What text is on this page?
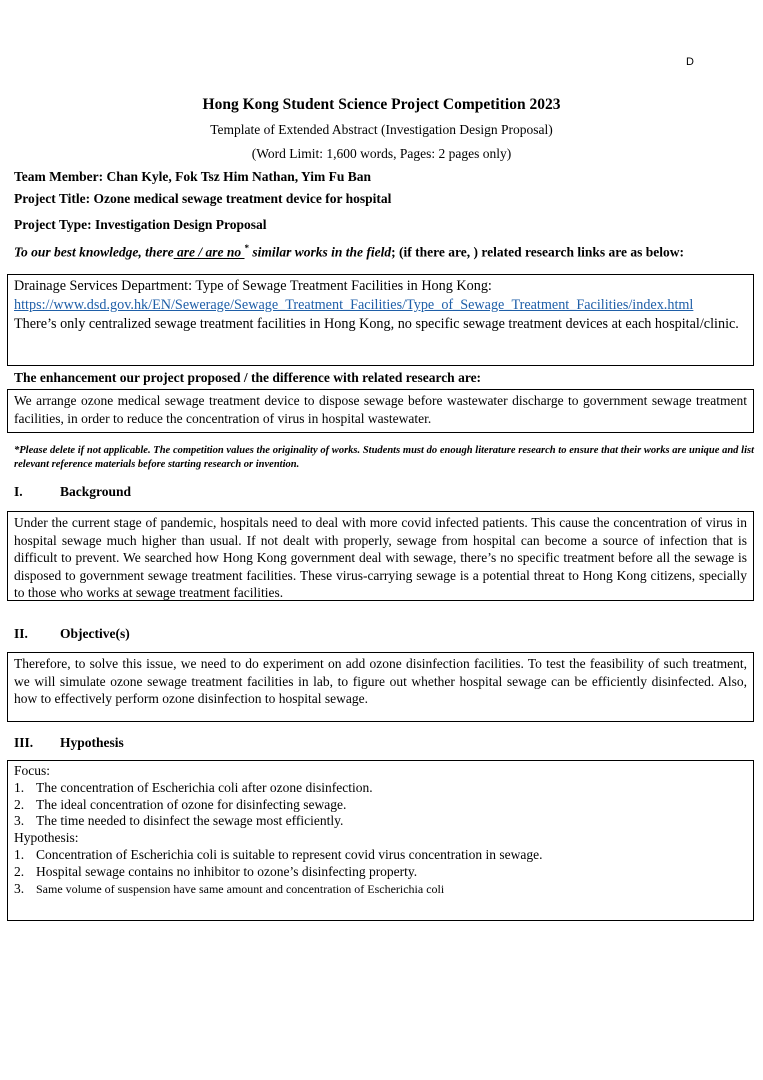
D
Hong Kong Student Science Project Competition 2023
Template of Extended Abstract (Investigation Design Proposal)
(Word Limit: 1,600 words, Pages: 2 pages only)
Team Member: Chan Kyle, Fok Tsz Him Nathan, Yim Fu Ban
Project Title: Ozone medical sewage treatment device for hospital
Project Type: Investigation Design Proposal
To our best knowledge, there are / are no * similar works in the field; (if there are, ) related research links are as below:
Drainage Services Department: Type of Sewage Treatment Facilities in Hong Kong:
https://www.dsd.gov.hk/EN/Sewerage/Sewage_Treatment_Facilities/Type_of_Sewage_Treatment_Facilities/index.html
There’s only centralized sewage treatment facilities in Hong Kong, no specific sewage treatment devices at each hospital/clinic.
The enhancement our project proposed / the difference with related research are:
We arrange ozone medical sewage treatment device to dispose sewage before wastewater discharge to government sewage treatment facilities, in order to reduce the concentration of virus in hospital wastewater.
*Please delete if not applicable. The competition values the originality of works. Students must do enough literature research to ensure that their works are unique and list relevant reference materials before starting research or invention.
I.	Background
Under the current stage of pandemic, hospitals need to deal with more covid infected patients. This cause the concentration of virus in hospital sewage much higher than usual. If not dealt with properly, sewage from hospital can become a source of infection that is difficult to prevent. We searched how Hong Kong government deal with sewage, there’s no specific treatment before all the sewage is disposed to government sewage treatment facilities. These virus-carrying sewage is a potential threat to Hong Kong citizens, specially to those who works at sewage treatment facilities.
II. Objective(s)
Therefore, to solve this issue, we need to do experiment on add ozone disinfection facilities. To test the feasibility of such treatment, we will simulate ozone sewage treatment facilities in lab, to figure out whether hospital sewage can be efficiently disinfected. Also, how to effectively perform ozone disinfection to hospital sewage.
III. Hypothesis
Focus:
1. The concentration of Escherichia coli after ozone disinfection.
2. The ideal concentration of ozone for disinfecting sewage.
3. The time needed to disinfect the sewage most efficiently.
Hypothesis:
1. Concentration of Escherichia coli is suitable to represent covid virus concentration in sewage.
2. Hospital sewage contains no inhibitor to ozone’s disinfecting property.
3. Same volume of suspension have same amount and concentration of Escherichia coli
